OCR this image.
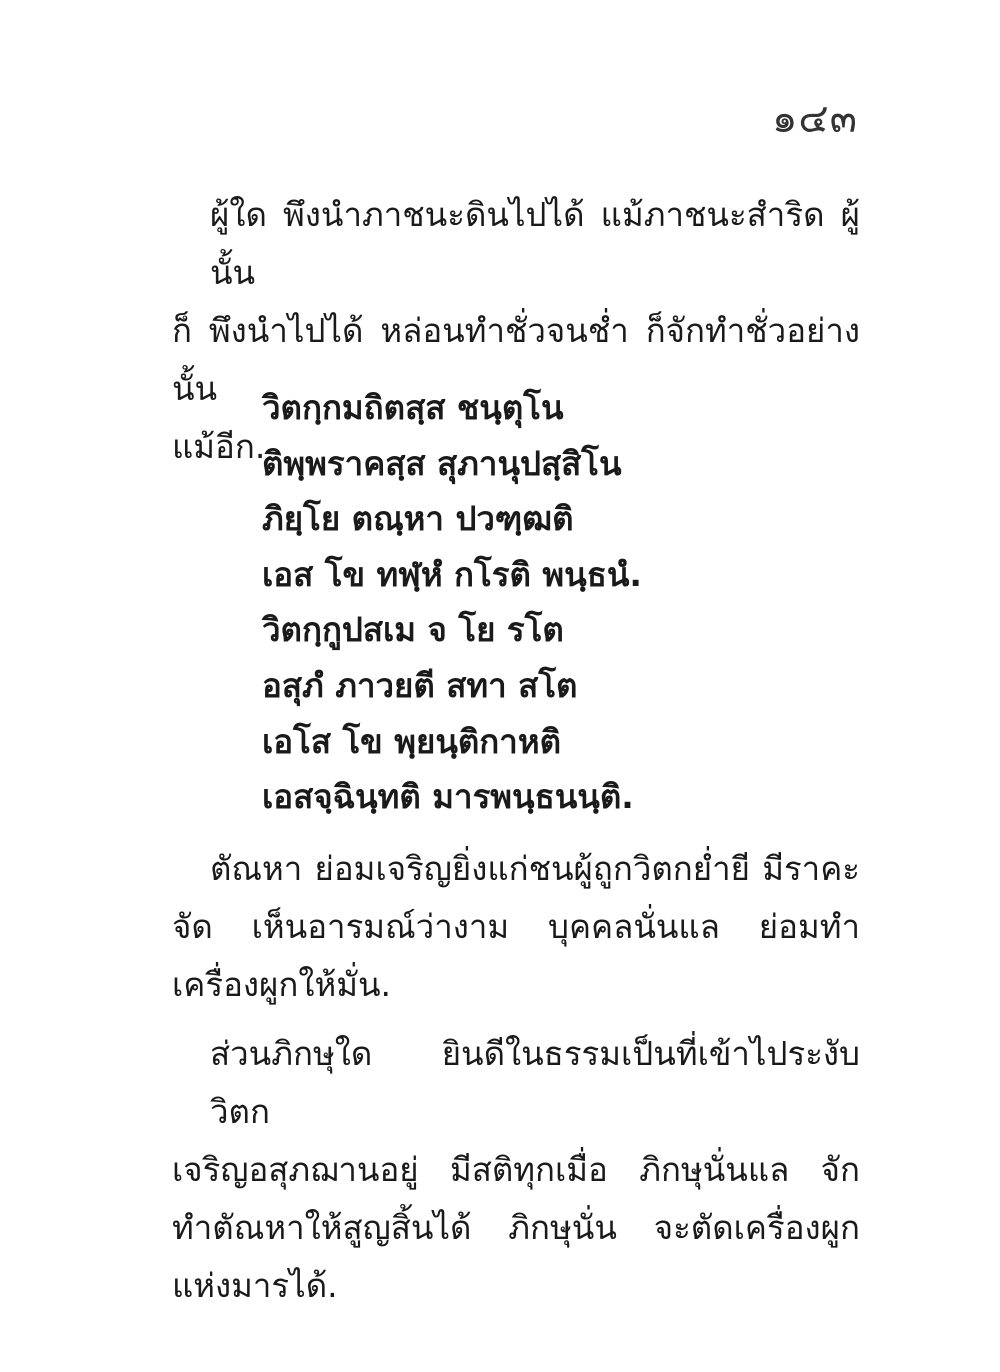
๑๔๓
ผู้ใด พึงนำภาชนะดินไปได้ แม้ภาชนะสำริด ผู้นั้น
ก็ พึงนำไปได้ หล่อนทำชั่วจนช่ำ ก็จักทำชั่วอย่างนั้น
แม้อีก.
วิตกฺกมถิตสฺส ชนฺตุโน
ติพฺพราคสฺส สุภานุปสฺสิโน
ภิยฺโย ตณฺหา ปวฑฺฒติ
เอส โข ทฬฺหํ กโรติ พนฺธนํ.
วิตกฺกูปสเม จ โย รโต
อสุภํ ภาวยตี สทา สโต
เอโส โข พฺยนฺติกาหติ
เอสจฺฉินฺทติ มารพนฺธนนฺติ.
ตัณหา ย่อมเจริญยิ่งแก่ชนผู้ถูกวิตกย่ำยี มีราคะ
จัด เห็นอารมณ์ว่างาม บุคคลนั่นแล ย่อมทำ
เครื่องผูกให้มั่น.
ส่วนภิกษุใด ยินดีในธรรมเป็นที่เข้าไประงับวิตก
เจริญอสุภฌานอยู่ มีสติทุกเมื่อ ภิกษุนั่นแล จัก
ทำตัณหาให้สูญสิ้นได้ ภิกษุนั่น จะตัดเครื่องผูก
แห่งมารได้.
